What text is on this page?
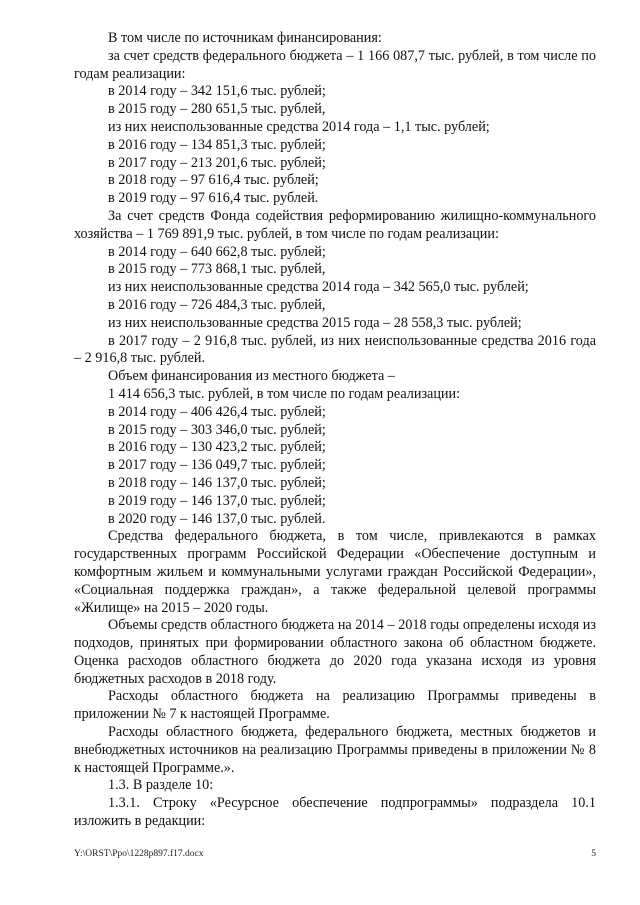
В том числе по источникам финансирования:

за счет средств федерального бюджета – 1 166 087,7 тыс. рублей, в том числе по годам реализации:

в 2014 году – 342 151,6 тыс. рублей;

в 2015 году – 280 651,5 тыс. рублей,

из них неиспользованные средства 2014 года – 1,1 тыс. рублей;

в 2016 году – 134 851,3 тыс. рублей;

в 2017 году – 213 201,6 тыс. рублей;

в 2018 году – 97 616,4 тыс. рублей;

в 2019 году – 97 616,4 тыс. рублей.

За счет средств Фонда содействия реформированию жилищно-коммунального хозяйства – 1 769 891,9 тыс. рублей, в том числе по годам реализации:

в 2014 году – 640 662,8 тыс. рублей;

в 2015 году – 773 868,1 тыс. рублей,

из них неиспользованные средства 2014 года – 342 565,0 тыс. рублей;

в 2016 году – 726 484,3 тыс. рублей,

из них неиспользованные средства 2015 года – 28 558,3 тыс. рублей;

в 2017 году – 2 916,8 тыс. рублей, из них неиспользованные средства 2016 года – 2 916,8 тыс. рублей.

Объем финансирования из местного бюджета –

1 414 656,3 тыс. рублей, в том числе по годам реализации:

в 2014 году – 406 426,4 тыс. рублей;

в 2015 году – 303 346,0 тыс. рублей;

в 2016 году – 130 423,2 тыс. рублей;

в 2017 году – 136 049,7 тыс. рублей;

в 2018 году – 146 137,0 тыс. рублей;

в 2019 году – 146 137,0 тыс. рублей;

в 2020 году – 146 137,0 тыс. рублей.

Средства федерального бюджета, в том числе, привлекаются в рамках государственных программ Российской Федерации «Обеспечение доступным и комфортным жильем и коммунальными услугами граждан Российской Федерации», «Социальная поддержка граждан», а также федеральной целевой программы «Жилище» на 2015 – 2020 годы.

Объемы средств областного бюджета на 2014 – 2018 годы определены исходя из подходов, принятых при формировании областного закона об областном бюджете. Оценка расходов областного бюджета до 2020 года указана исходя из уровня бюджетных расходов в 2018 году.

Расходы областного бюджета на реализацию Программы приведены в приложении № 7 к настоящей Программе.

Расходы областного бюджета, федерального бюджета, местных бюджетов и внебюджетных источников на реализацию Программы приведены в приложении № 8 к настоящей Программе.».

1.3. В разделе 10:

1.3.1. Строку «Ресурсное обеспечение подпрограммы» подраздела 10.1 изложить в редакции:

Y:\ORST\Ppo\1228p897.f17.docx	5
